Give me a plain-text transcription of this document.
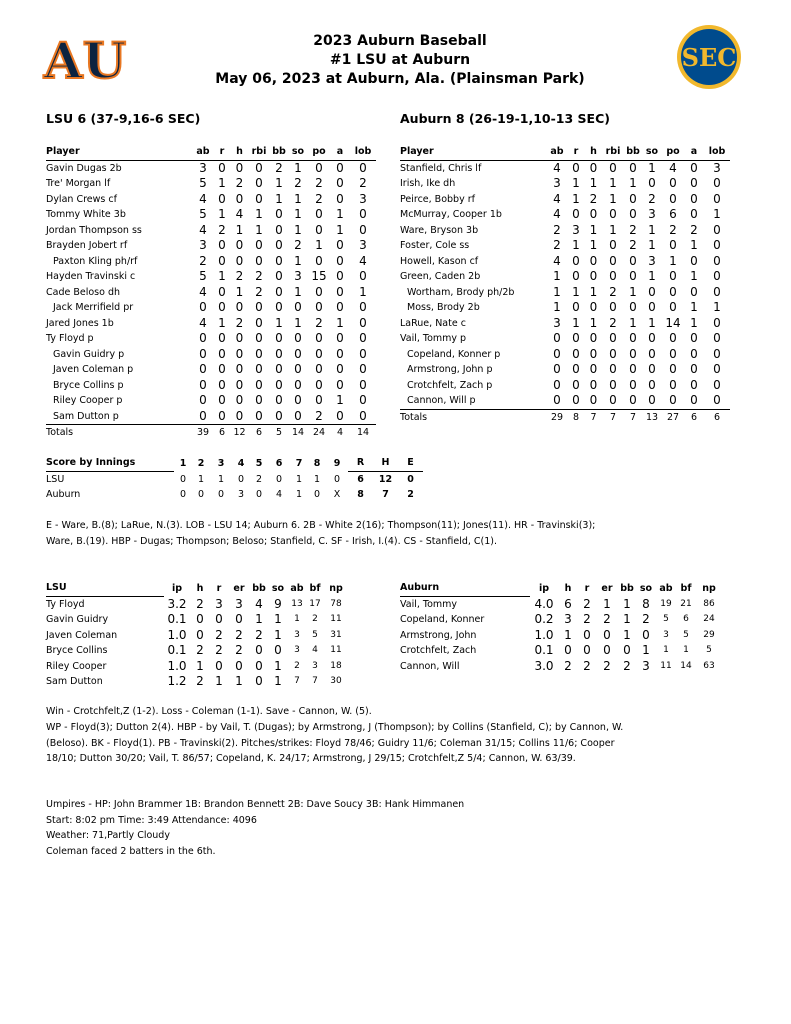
AU	SEC
2023 Auburn Baseball
#1 LSU at Auburn
May 06, 2023 at Auburn, Ala. (Plainsman Park)
LSU 6 (37-9,16-6 SEC)	Auburn 8 (26-19-1,10-13 SEC)
Player	ab	r	h	rbi	bb	so	po	a	lob
Gavin Dugas 2b	3	0	0	0	2	1	0	0	0
Tre' Morgan lf	5	1	2	0	1	2	2	0	2
Dylan Crews cf	4	0	0	0	1	1	2	0	3
Tommy White 3b	5	1	4	1	0	1	0	1	0
Jordan Thompson ss	4	2	1	1	0	1	0	1	0
Brayden Jobert rf	3	0	0	0	0	2	1	0	3
Paxton Kling ph/rf	2	0	0	0	0	1	0	0	4
Hayden Travinski c	5	1	2	2	0	3	15	0	0
Cade Beloso dh	4	0	1	2	0	1	0	0	1
Jack Merrifield pr	0	0	0	0	0	0	0	0	0
Jared Jones 1b	4	1	2	0	1	1	2	1	0
Ty Floyd p	0	0	0	0	0	0	0	0	0
Gavin Guidry p	0	0	0	0	0	0	0	0	0
Javen Coleman p	0	0	0	0	0	0	0	0	0
Bryce Collins p	0	0	0	0	0	0	0	0	0
Riley Cooper p	0	0	0	0	0	0	0	1	0
Sam Dutton p	0	0	0	0	0	0	2	0	0
Totals	39	6	12	6	5	14	24	4	14
Player	ab	r	h	rbi	bb	so	po	a	lob
Stanfield, Chris lf	4	0	0	0	0	1	4	0	3
Irish, Ike dh	3	1	1	1	1	0	0	0	0
Peirce, Bobby rf	4	1	2	1	0	2	0	0	0
McMurray, Cooper 1b	4	0	0	0	0	3	6	0	1
Ware, Bryson 3b	2	3	1	1	2	1	2	2	0
Foster, Cole ss	2	1	1	0	2	1	0	1	0
Howell, Kason cf	4	0	0	0	0	3	1	0	0
Green, Caden 2b	1	0	0	0	0	1	0	1	0
Wortham, Brody ph/2b	1	1	1	2	1	0	0	0	0
Moss, Brody 2b	1	0	0	0	0	0	0	1	1
LaRue, Nate c	3	1	1	2	1	1	14	1	0
Vail, Tommy p	0	0	0	0	0	0	0	0	0
Copeland, Konner p	0	0	0	0	0	0	0	0	0
Armstrong, John p	0	0	0	0	0	0	0	0	0
Crotchfelt, Zach p	0	0	0	0	0	0	0	0	0
Cannon, Will p	0	0	0	0	0	0	0	0	0
Totals	29	8	7	7	7	13	27	6	6
Score by Innings	1	2	3	4	5	6	7	8	9	R	H	E
LSU	0	1	1	0	2	0	1	1	0	6	12	0
Auburn	0	0	0	3	0	4	1	0	X	8	7	2
E - Ware, B.(8); LaRue, N.(3). LOB - LSU 14; Auburn 6. 2B - White 2(16); Thompson(11); Jones(11). HR - Travinski(3); Ware, B.(19). HBP - Dugas; Thompson; Beloso; Stanfield, C. SF - Irish, I.(4). CS - Stanfield, C(1).
LSU	ip	h	r	er	bb	so	ab	bf	np
Ty Floyd	3.2	2	3	3	4	9	13	17	78
Gavin Guidry	0.1	0	0	0	1	1	1	2	11
Javen Coleman	1.0	0	2	2	2	1	3	5	31
Bryce Collins	0.1	2	2	2	0	0	3	4	11
Riley Cooper	1.0	1	0	0	0	1	2	3	18
Sam Dutton	1.2	2	1	1	0	1	7	7	30
Auburn	ip	h	r	er	bb	so	ab	bf	np
Vail, Tommy	4.0	6	2	1	1	8	19	21	86
Copeland, Konner	0.2	3	2	2	1	2	5	6	24
Armstrong, John	1.0	1	0	0	1	0	3	5	29
Crotchfelt, Zach	0.1	0	0	0	0	1	1	1	5
Cannon, Will	3.0	2	2	2	2	3	11	14	63
Win - Crotchfelt,Z (1-2). Loss - Coleman (1-1). Save - Cannon, W. (5).
WP - Floyd(3); Dutton 2(4). HBP - by Vail, T. (Dugas); by Armstrong, J (Thompson); by Collins (Stanfield, C); by Cannon, W. (Beloso). BK - Floyd(1). PB - Travinski(2). Pitches/strikes: Floyd 78/46; Guidry 11/6; Coleman 31/15; Collins 11/6; Cooper 18/10; Dutton 30/20; Vail, T. 86/57; Copeland, K. 24/17; Armstrong, J 29/15; Crotchfelt,Z 5/4; Cannon, W. 63/39.
Umpires - HP: John Brammer 1B: Brandon Bennett 2B: Dave Soucy 3B: Hank Himmanen
Start: 8:02 pm Time: 3:49 Attendance: 4096
Weather: 71,Partly Cloudy
Coleman faced 2 batters in the 6th.
